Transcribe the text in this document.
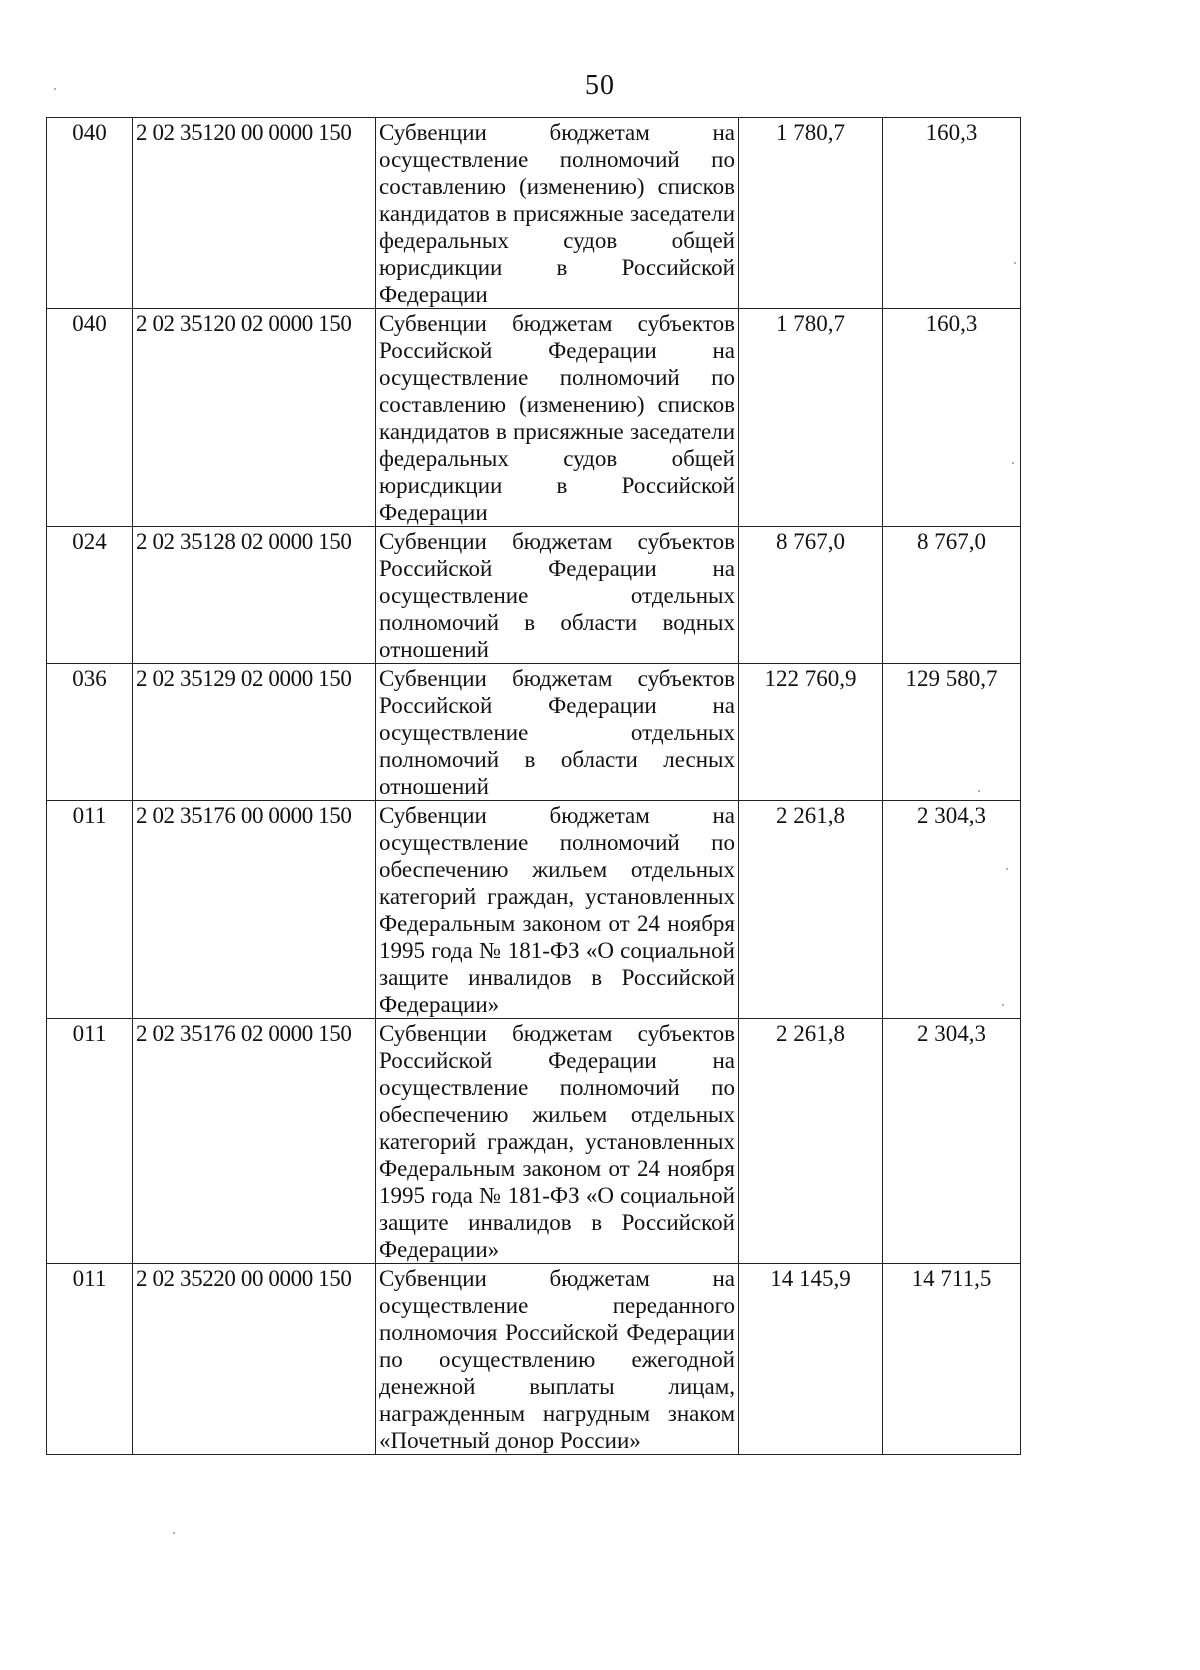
50
040	2 02 35120 00 0000 150	Субвенции бюджетам на осуществление полномочий по составлению (изменению) списков кандидатов в присяжные заседатели федеральных судов общей юрисдикции в Российской Федерации	1 780,7	160,3
040	2 02 35120 02 0000 150	Субвенции бюджетам субъектов Российской Федерации на осуществление полномочий по составлению (изменению) списков кандидатов в присяжные заседатели федеральных судов общей юрисдикции в Российской Федерации	1 780,7	160,3
024	2 02 35128 02 0000 150	Субвенции бюджетам субъектов Российской Федерации на осуществление отдельных полномочий в области водных отношений	8 767,0	8 767,0
036	2 02 35129 02 0000 150	Субвенции бюджетам субъектов Российской Федерации на осуществление отдельных полномочий в области лесных отношений	122 760,9	129 580,7
011	2 02 35176 00 0000 150	Субвенции бюджетам на осуществление полномочий по обеспечению жильем отдельных категорий граждан, установленных Федеральным законом от 24 ноября 1995 года № 181-ФЗ «О социальной защите инвалидов в Российской Федерации»	2 261,8	2 304,3
011	2 02 35176 02 0000 150	Субвенции бюджетам субъектов Российской Федерации на осуществление полномочий по обеспечению жильем отдельных категорий граждан, установленных Федеральным законом от 24 ноября 1995 года № 181-ФЗ «О социальной защите инвалидов в Российской Федерации»	2 261,8	2 304,3
011	2 02 35220 00 0000 150	Субвенции бюджетам на осуществление переданного полномочия Российской Федерации по осуществлению ежегодной денежной выплаты лицам, награжденным нагрудным знаком «Почетный донор России»	14 145,9	14 711,5
